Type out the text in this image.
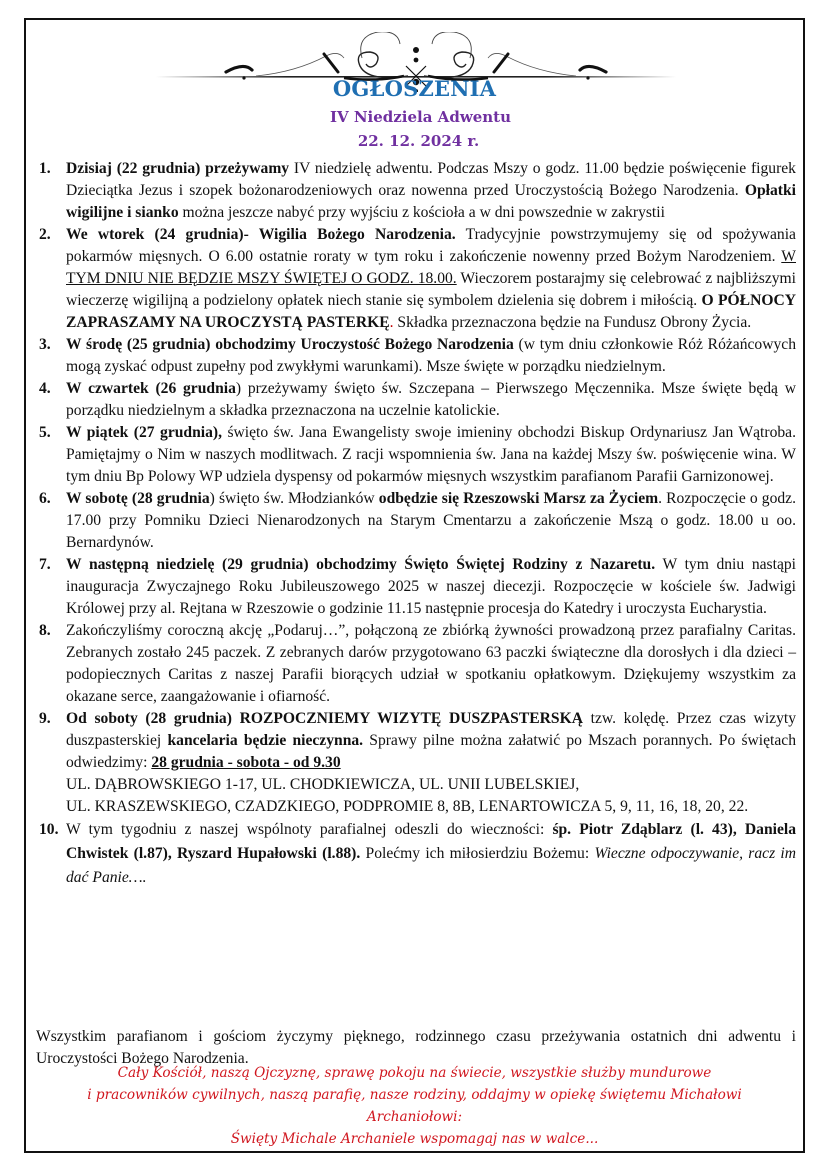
OGŁOSZENIA
IV Niedziela Adwentu
22. 12. 2024 r.
1. Dzisiaj (22 grudnia) przeżywamy IV niedzielę adwentu. Podczas Mszy o godz. 11.00 będzie poświęcenie figurek Dzieciątka Jezus i szopek bożonarodzeniowych oraz nowenna przed Uroczystością Bożego Narodzenia. Opłatki wigilijne i sianko można jeszcze nabyć przy wyjściu z kościoła a w dni powszednie w zakrystii
2. We wtorek (24 grudnia)- Wigilia Bożego Narodzenia. Tradycyjnie powstrzymujemy się od spożywania pokarmów mięsnych. O 6.00 ostatnie roraty w tym roku i zakończenie nowenny przed Bożym Narodzeniem. W TYM DNIU NIE BĘDZIE MSZY ŚWIĘTEJ O GODZ. 18.00. Wieczorem postarajmy się celebrować z najbliższymi wieczerzę wigilijną a podzielony opłatek niech stanie się symbolem dzielenia się dobrem i miłością. O PÓŁNOCY ZAPRASZAMY NA UROCZYSTĄ PASTERKĘ. Składka przeznaczona będzie na Fundusz Obrony Życia.
3. W środę (25 grudnia) obchodzimy Uroczystość Bożego Narodzenia (w tym dniu członkowie Róż Różańcowych mogą zyskać odpust zupełny pod zwykłymi warunkami). Msze święte w porządku niedzielnym.
4. W czwartek (26 grudnia) przeżywamy święto św. Szczepana – Pierwszego Męczennika. Msze święte będą w porządku niedzielnym a składka przeznaczona na uczelnie katolickie.
5. W piątek (27 grudnia), święto św. Jana Ewangelisty swoje imieniny obchodzi Biskup Ordynariusz Jan Wątroba. Pamiętajmy o Nim w naszych modlitwach. Z racji wspomnienia św. Jana na każdej Mszy św. poświęcenie wina. W tym dniu Bp Polowy WP udziela dyspensy od pokarmów mięsnych wszystkim parafianom Parafii Garnizonowej.
6. W sobotę (28 grudnia) święto św. Młodzianków odbędzie się Rzeszowski Marsz za Życiem. Rozpoczęcie o godz. 17.00 przy Pomniku Dzieci Nienarodzonych na Starym Cmentarzu a zakończenie Mszą o godz. 18.00 u oo. Bernardynów.
7. W następną niedzielę (29 grudnia) obchodzimy Święto Świętej Rodziny z Nazaretu. W tym dniu nastąpi inauguracja Zwyczajnego Roku Jubileuszowego 2025 w naszej diecezji. Rozpoczęcie w kościele św. Jadwigi Królowej przy al. Rejtana w Rzeszowie o godzinie 11.15 następnie procesja do Katedry i uroczysta Eucharystia.
8. Zakończyliśmy coroczną akcję „Podaruj…”, połączoną ze zbiórką żywności prowadzoną przez parafialny Caritas. Zebranych zostało 245 paczek. Z zebranych darów przygotowano 63 paczki świąteczne dla dorosłych i dla dzieci –podopiecznych Caritas z naszej Parafii biorących udział w spotkaniu opłatkowym. Dziękujemy wszystkim za okazane serce, zaangażowanie i ofiarność.
9. Od soboty (28 grudnia) ROZPOCZNIEMY WIZYTĘ DUSZPASTERSKĄ tzw. kolędę. Przez czas wizyty duszpasterskiej kancelaria będzie nieczynna. Sprawy pilne można załatwić po Mszach porannych. Po świętach odwiedzimy: 28 grudnia - sobota - od 9.30
UL. DĄBROWSKIEGO 1-17, UL. CHODKIEWICZA, UL. UNII LUBELSKIEJ,
UL. KRASZEWSKIEGO, CZADZKIEGO, PODPROMIE 8, 8B, LENARTOWICZA 5, 9, 11, 16, 18, 20, 22.
10. W tym tygodniu z naszej wspólnoty parafialnej odeszli do wieczności: śp. Piotr Zdąblarz (l. 43), Daniela Chwistek (l.87), Ryszard Hupałowski (l.88). Polećmy ich miłosierdziu Bożemu: Wieczne odpoczywanie, racz im dać Panie….

Wszystkim parafianom i gościom życzymy pięknego, rodzinnego czasu przeżywania ostatnich dni adwentu i Uroczystości Bożego Narodzenia.

Cały Kościół, naszą Ojczyznę, sprawę pokoju na świecie, wszystkie służby mundurowe
i pracowników cywilnych, naszą parafię, nasze rodziny, oddajmy w opiekę świętemu Michałowi
Archaniołowi:
Święty Michale Archaniele wspomagaj nas w walce...
